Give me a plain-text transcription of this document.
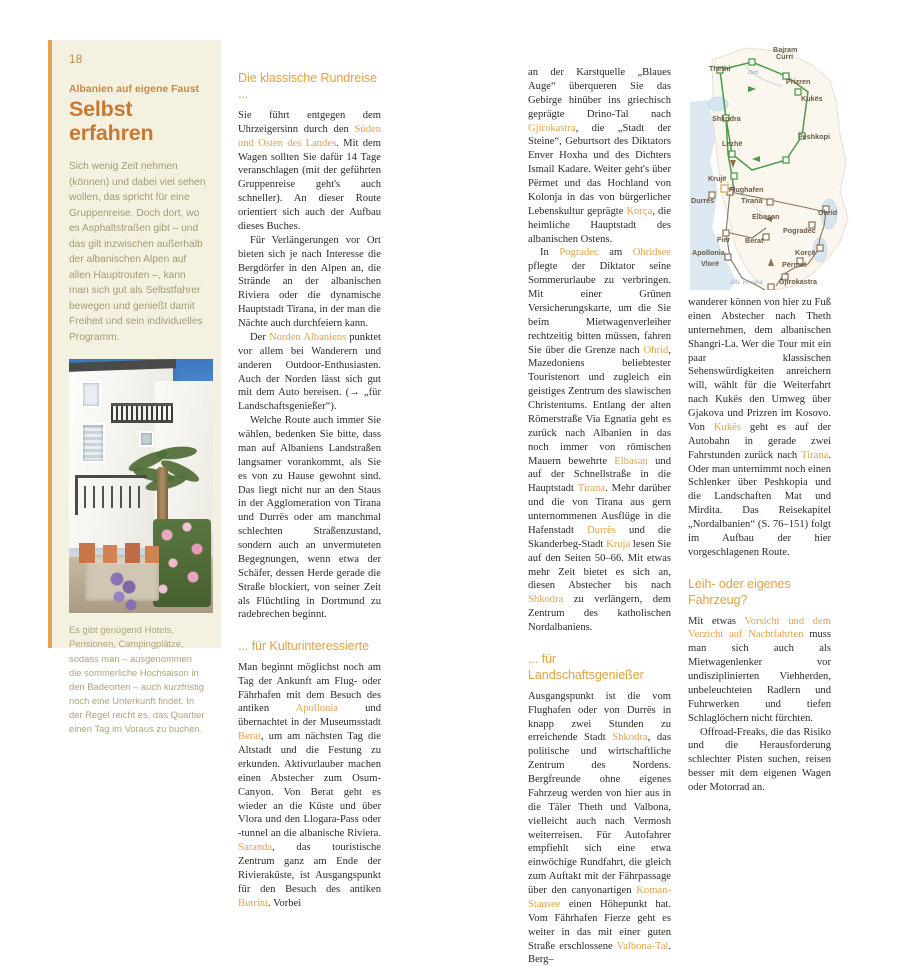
18
Albanien auf eigene Faust
Selbst erfahren

Sich wenig Zeit nehmen (können) und dabei viel sehen wollen, das spricht für eine Gruppenreise. Doch dort, wo es Asphaltstraßen gibt – und das gilt inzwischen außerhalb der albanischen Alpen auf allen Hauptrouten –, kann man sich gut als Selbstfahrer bewegen und genießt damit Freiheit und sein individuelles Programm.

Es gibt genügend Hotels, Pensionen, Campingplätze, sodass man – ausgenommen die sommerliche Hochsaison in den Badeorten – auch kurzfristig noch eine Unterkunft findet. In der Regel reicht es, das Quartier einen Tag im Voraus zu buchen.

Die klassische Rundreise ...

Sie führt entgegen dem Uhrzeigersinn durch den Süden und Osten des Landes. Mit dem Wagen sollten Sie dafür 14 Tage veranschlagen (mit der geführten Gruppenreise geht's auch schneller). An dieser Route orientiert sich auch der Aufbau dieses Buches.

Für Verlängerungen vor Ort bieten sich je nach Interesse die Bergdörfer in den Alpen an, die Strände an der albanischen Riviera oder die dynamische Hauptstadt Tirana, in der man die Nächte auch durchfeiern kann.

Der Norden Albaniens punktet vor allem bei Wanderern und anderen Outdoor-Enthusiasten. Auch der Norden lässt sich gut mit dem Auto bereisen. (→ „für Landschaftsgenießer“).

Welche Route auch immer Sie wählen, bedenken Sie bitte, dass man auf Albaniens Landstraßen langsamer vorankommt, als Sie es von zu Hause gewohnt sind. Das liegt nicht nur an den Staus in der Agglomeration von Tirana und Durrës oder am manchmal schlechten Straßenzustand, sondern auch an unvermuteten Begegnungen, wenn etwa der Schäfer, dessen Herde gerade die Straße blockiert, von seiner Zeit als Flüchtling in Dortmund zu radebrechen beginnt.

... für Kulturinteressierte

Man beginnt möglichst noch am Tag der Ankunft am Flug- oder Fährhafen mit dem Besuch des antiken Apollonia und übernachtet in der Museumsstadt Berat, um am nächsten Tag die Altstadt und die Festung zu erkunden. Aktivurlauber machen einen Abstecher zum Osum-Canyon. Von Berat geht es wieder an die Küste und über Vlora und den Llogara-Pass oder -tunnel an die albanische Riviera. Saranda, das touristische Zentrum ganz am Ende der Rivieraküste, ist Ausgangspunkt für den Besuch des antiken Butrint. Vorbei

an der Karstquelle „Blaues Auge“ überqueren Sie das Gebirge hinüber ins griechisch geprägte Drino-Tal nach Gjirokastra, die „Stadt der Steine“, Geburtsort des Diktators Enver Hoxha und des Dichters Ismail Kadare. Weiter geht's über Përmet und das Hochland von Kolonja in das von bürgerlicher Lebenskultur geprägte Korça, die heimliche Hauptstadt des albanischen Ostens.

In Pogradec am Ohridsee pflegte der Diktator seine Sommerurlaube zu verbringen. Mit einer Grünen Versicherungskarte, um die Sie beim Mietwagenverleiher rechtzeitig bitten müssen, fahren Sie über die Grenze nach Ohrid, Mazedoniens beliebtester Touristenort und zugleich ein geistiges Zentrum des slawischen Christentums. Entlang der alten Römerstraße Via Egnatia geht es zurück nach Albanien in das noch immer von römischen Mauern bewehrte Elbasan und auf der Schnellstraße in die Hauptstadt Tirana. Mehr darüber und die von Tirana aus gern unternommenen Ausflüge in die Hafenstadt Durrës und die Skanderbeg-Stadt Kruja lesen Sie auf den Seiten 50–66. Mit etwas mehr Zeit bietet es sich an, diesen Abstecher bis nach Shkodra zu verlängern, dem Zentrum des katholischen Nordalbaniens.

... für Landschaftsgenießer

Ausgangspunkt ist die vom Flughafen oder von Durrës in knapp zwei Stunden zu erreichende Stadt Shkodra, das politische und wirtschaftliche Zentrum des Nordens. Bergfreunde ohne eigenes Fahrzeug werden von hier aus in die Täler Theth und Valbona, vielleicht auch nach Vermosh weiterreisen. Für Autofahrer empfiehlt sich eine etwa einwöchige Rundfahrt, die gleich zum Auftakt mit der Fährpassage über den canyonartigen Koman-Stausee einen Höhepunkt hat. Vom Fährhafen Fierze geht es weiter in das mit einer guten Straße erschlossene Valbona-Tal. Berg–

Thethi
Bajram
Curri
Prizren
Shkodra
Kukës
Lezhë
Peshkopi
Krujë
Flughafen
Tirana
Durrës
Elbasan	Ohrid
Pogradec
Fier Berat
Apollonia	Korçë
Vlorë	Përmet
Gjirokastra
Alb. Riviera
Drin

wanderer können von hier zu Fuß einen Abstecher nach Theth unternehmen, dem albanischen Shangri-La. Wer die Tour mit ein paar klassischen Sehenswürdigkeiten anreichern will, wählt für die Weiterfahrt nach Kukës den Umweg über Gjakova und Prizren im Kosovo. Von Kukës geht es auf der Autobahn in gerade zwei Fahrstunden zurück nach Tirana. Oder man unternimmt noch einen Schlenker über Peshkopia und die Landschaften Mat und Mirdita. Das Reisekapitel „Nordalbanien“ (S. 76–151) folgt im Aufbau der hier vorgeschlagenen Route.

Leih- oder eigenes Fahrzeug?

Mit etwas Vorsicht und dem Verzicht auf Nachtfahrten muss man sich auch als Mietwagenlenker vor undisziplinierten Viehherden, unbeleuchteten Radlern und Fuhrwerken und tiefen Schlaglöchern nicht fürchten.

Offroad-Freaks, die das Risiko und die Herausforderung schlechter Pisten suchen, reisen besser mit dem eigenen Wagen oder Motorrad an.
